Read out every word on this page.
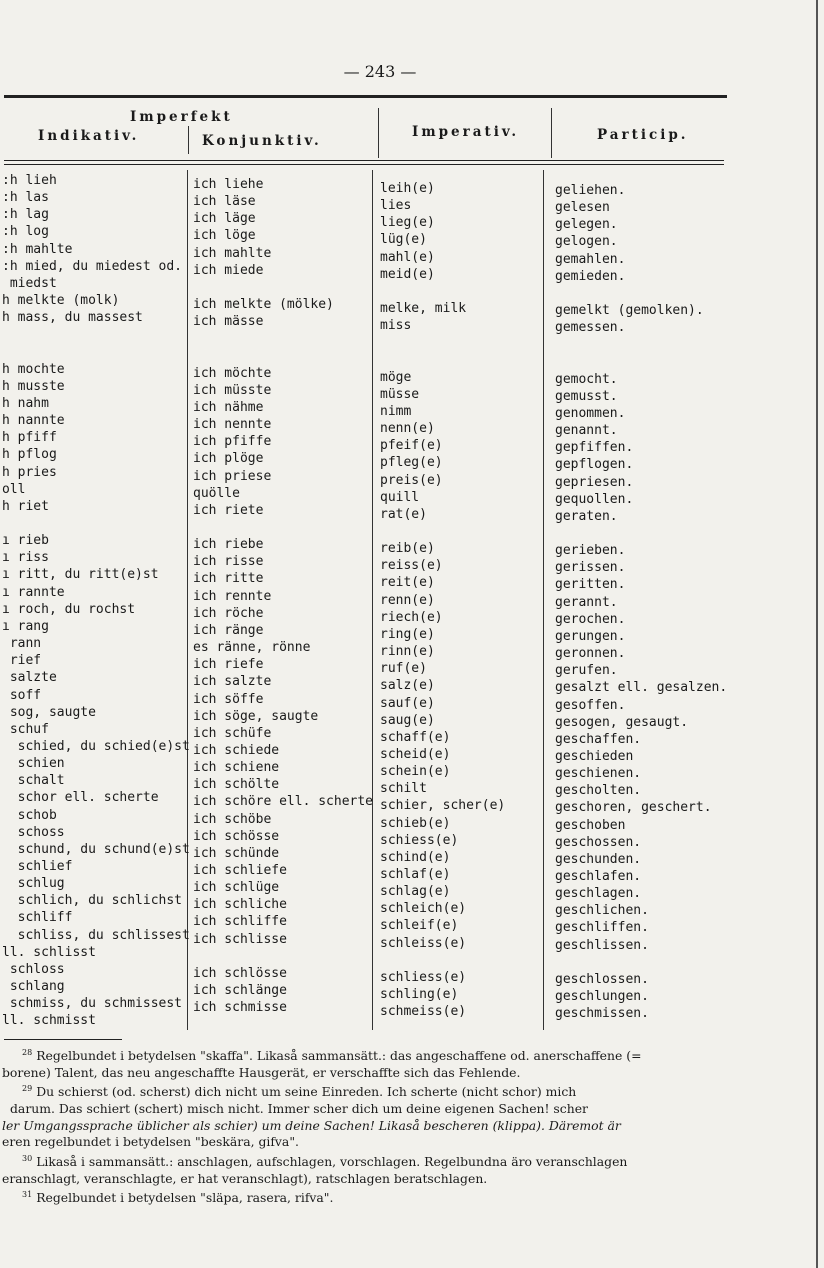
— 243 —
Imperfekt
Indikativ.	Konjunktiv.
Imperativ.	Particip.
:h lieh
:h las
:h lag
:h log
:h mahlte
:h mied, du miedest od.
miedst
h melkte (molk)
h mass, du massest
h mochte
h musste
h nahm
h nannte
h pfiff
h pflog
h pries
oll
h riet
ı rieb
ı riss
ı ritt, du ritt(e)st
ı rannte
ı roch, du rochst
ı rang
rann
rief
salzte
soff
sog, saugte
schuf
schied, du schied(e)st
schien
schalt
schor ell. scherte
schob
schoss
schund, du schund(e)st
schlief
schlug
schlich, du schlichst
schliff
schliss, du schlissest
ll. schlisst
schloss
schlang
schmiss, du schmissest
ll. schmisst
ich liehe
ich läse
ich läge
ich löge
ich mahlte
ich miede
ich melkte (mölke)
ich mässe
ich möchte
ich müsste
ich nähme
ich nennte
ich pfiffe
ich plöge
ich priese
quölle
ich riete
ich riebe
ich risse
ich ritte
ich rennte
ich röche
ich ränge
es ränne, rönne
ich riefe
ich salzte
ich söffe
ich söge, saugte
ich schüfe
ich schiede
ich schiene
ich schölte
ich schöre ell. scherte
ich schöbe
ich schösse
ich schünde
ich schliefe
ich schlüge
ich schliche
ich schliffe
ich schlisse
ich schlösse
ich schlänge
ich schmisse
leih(e)
lies
lieg(e)
lüg(e)
mahl(e)
meid(e)
melke, milk
miss
möge
müsse
nimm
nenn(e)
pfeif(e)
pfleg(e)
preis(e)
quill
rat(e)
reib(e)
reiss(e)
reit(e)
renn(e)
riech(e)
ring(e)
rinn(e)
ruf(e)
salz(e)
sauf(e)
saug(e)
schaff(e)
scheid(e)
schein(e)
schilt
schier, scher(e)
schieb(e)
schiess(e)
schind(e)
schlaf(e)
schlag(e)
schleich(e)
schleif(e)
schleiss(e)
schliess(e)
schling(e)
schmeiss(e)
geliehen.
gelesen
gelegen.
gelogen.
gemahlen.
gemieden.
gemelkt (gemolken).
gemessen.
gemocht.
gemusst.
genommen.
genannt.
gepfiffen.
gepflogen.
gepriesen.
gequollen.
geraten.
gerieben.
gerissen.
geritten.
gerannt.
gerochen.
gerungen.
geronnen.
gerufen.
gesalzt ell. gesalzen.
gesoffen.
gesogen, gesaugt.
geschaffen.
geschieden
geschienen.
gescholten.
geschoren, geschert.
geschoben
geschossen.
geschunden.
geschlafen.
geschlagen.
geschlichen.
geschliffen.
geschlissen.
geschlossen.
geschlungen.
geschmissen.

$^{28}$ Regelbundet i betydelsen "skaffa". Likaså sammansätt.: das angeschaffene od. anerschaffene (=

borene) Talent, das neu angeschaffte Hausgerät, er verschaffte sich das Fehlende.

$^{29}$ Du schierst (od. scherst) dich nicht um seine Einreden. Ich scherte (nicht schor) mich

darum. Das schiert (schert) misch nicht. Immer scher dich um deine eigenen Sachen! scher

ler Umgangssprache üblicher als schier) um deine Sachen! Likaså bescheren (klippa). Däremot är

eren regelbundet i betydelsen "beskära, gifva".

$^{30}$ Likaså i sammansätt.: anschlagen, aufschlagen, vorschlagen. Regelbundna äro veranschlagen

eranschlagt, veranschlagte, er hat veranschlagt), ratschlagen beratschlagen.

$^{31}$ Regelbundet i betydelsen "släpa, rasera, rifva".
